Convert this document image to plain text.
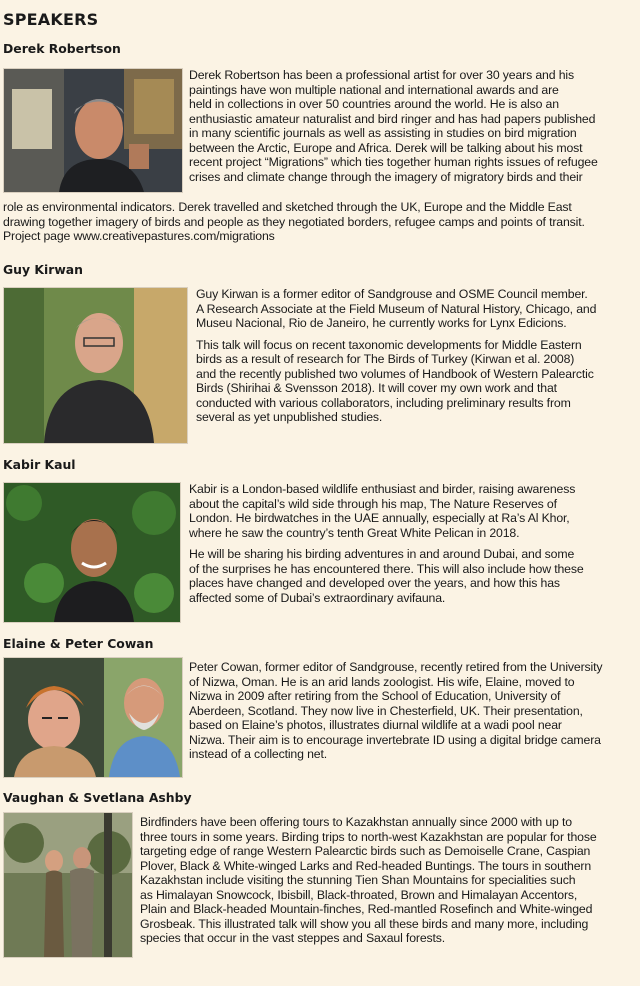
SPEAKERS
Derek Robertson
Derek Robertson has been a professional artist for over 30 years and his
paintings have won multiple national and international awards and are
held in collections in over 50 countries around the world. He is also an
enthusiastic amateur naturalist and bird ringer and has had papers published
in many scientific journals as well as assisting in studies on bird migration
between the Arctic, Europe and Africa. Derek will be talking about his most
recent project “Migrations” which ties together human rights issues of refugee
crises and climate change through the imagery of migratory birds and their
role as environmental indicators. Derek travelled and sketched through the UK, Europe and the Middle East
drawing together imagery of birds and people as they negotiated borders, refugee camps and points of transit.
Project page www.creativepastures.com/migrations
Guy Kirwan

Guy Kirwan is a former editor of Sandgrouse and OSME Council member.
A Research Associate at the Field Museum of Natural History, Chicago, and
Museu Nacional, Rio de Janeiro, he currently works for Lynx Edicions.

This talk will focus on recent taxonomic developments for Middle Eastern
birds as a result of research for The Birds of Turkey (Kirwan et al. 2008)
and the recently published two volumes of Handbook of Western Palearctic
Birds (Shirihai & Svensson 2018). It will cover my own work and that
conducted with various collaborators, including preliminary results from
several as yet unpublished studies.

Kabir Kaul

Kabir is a London-based wildlife enthusiast and birder, raising awareness
about the capital’s wild side through his map, The Nature Reserves of
London. He birdwatches in the UAE annually, especially at Ra’s Al Khor,
where he saw the country’s tenth Great White Pelican in 2018.

He will be sharing his birding adventures in and around Dubai, and some
of the surprises he has encountered there. This will also include how these
places have changed and developed over the years, and how this has
affected some of Dubai’s extraordinary avifauna.

Elaine & Peter Cowan
Peter Cowan, former editor of Sandgrouse, recently retired from the University
of Nizwa, Oman. He is an arid lands zoologist. His wife, Elaine, moved to
Nizwa in 2009 after retiring from the School of Education, University of
Aberdeen, Scotland. They now live in Chesterfield, UK. Their presentation,
based on Elaine’s photos, illustrates diurnal wildlife at a wadi pool near
Nizwa. Their aim is to encourage invertebrate ID using a digital bridge camera
instead of a collecting net.
Vaughan & Svetlana Ashby
Birdfinders have been offering tours to Kazakhstan annually since 2000 with up to
three tours in some years. Birding trips to north-west Kazakhstan are popular for those
targeting edge of range Western Palearctic birds such as Demoiselle Crane, Caspian
Plover, Black & White-winged Larks and Red-headed Buntings. The tours in southern
Kazakhstan include visiting the stunning Tien Shan Mountains for specialities such
as Himalayan Snowcock, Ibisbill, Black-throated, Brown and Himalayan Accentors,
Plain and Black-headed Mountain-finches, Red-mantled Rosefinch and White-winged
Grosbeak. This illustrated talk will show you all these birds and many more, including
species that occur in the vast steppes and Saxaul forests.
